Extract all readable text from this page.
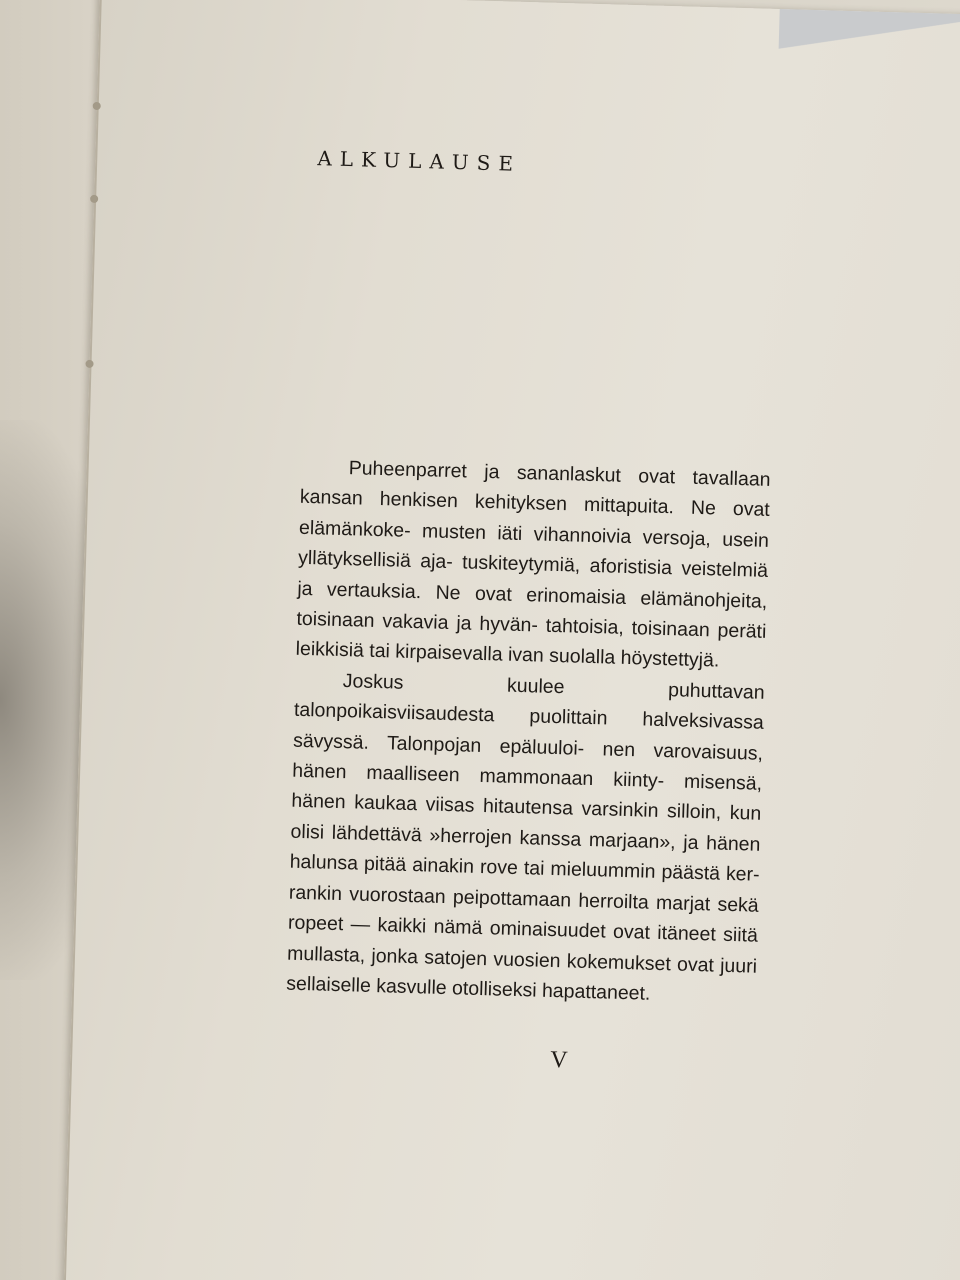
ALKULAUSE

Puheenparret ja sananlaskut ovat tavallaan kansan henkisen kehityksen mittapuita. Ne ovat elämänkoke- musten iäti vihannoivia versoja, usein yllätyksellisiä aja- tuskiteytymiä, aforistisia veistelmiä ja vertauksia. Ne ovat erinomaisia elämänohjeita, toisinaan vakavia ja hyvän- tahtoisia, toisinaan peräti leikkisiä tai kirpaisevalla ivan suolalla höystettyjä.

Joskus kuulee puhuttavan talonpoikaisviisaudesta puolittain halveksivassa sävyssä. Talonpojan epäluuloi- nen varovaisuus, hänen maalliseen mammonaan kiinty- misensä, hänen kaukaa viisas hitautensa varsinkin silloin, kun olisi lähdettävä »herrojen kanssa marjaan», ja hänen halunsa pitää ainakin rove tai mieluummin päästä ker- rankin vuorostaan peipottamaan herroilta marjat sekä ropeet — kaikki nämä ominaisuudet ovat itäneet siitä mullasta, jonka satojen vuosien kokemukset ovat juuri sellaiselle kasvulle otolliseksi hapattaneet.

V
